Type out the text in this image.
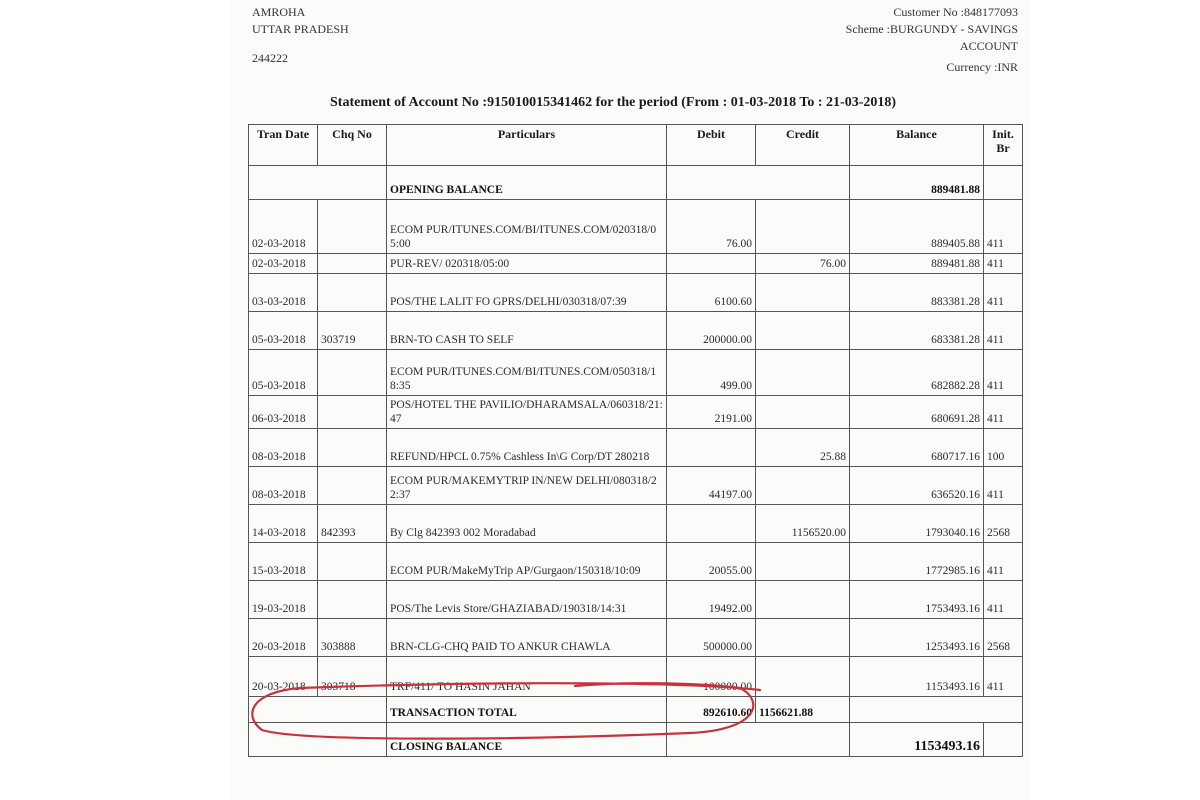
AMROHA
UTTAR PRADESH
244222
Customer No :848177093
Scheme :BURGUNDY - SAVINGS
ACCOUNT
Currency :INR
Statement of Account No :915010015341462 for the period (From : 01-03-2018 To : 21-03-2018)
Tran Date	Chq No	Particulars	Debit	Credit	Balance	Init. Br
		OPENING BALANCE			889481.88	
02-03-2018		ECOM PUR/ITUNES.COM/BI/ITUNES.COM/020318/05:00	76.00		889405.88	411
02-03-2018		PUR-REV/ 020318/05:00		76.00	889481.88	411
03-03-2018		POS/THE LALIT FO GPRS/DELHI/030318/07:39	6100.60		883381.28	411
05-03-2018	303719	BRN-TO CASH TO SELF	200000.00		683381.28	411
05-03-2018		ECOM PUR/ITUNES.COM/BI/ITUNES.COM/050318/18:35	499.00		682882.28	411
06-03-2018		POS/HOTEL THE PAVILIO/DHARAMSALA/060318/21:47	2191.00		680691.28	411
08-03-2018		REFUND/HPCL 0.75% Cashless In\G Corp/DT 280218		25.88	680717.16	100
08-03-2018		ECOM PUR/MAKEMYTRIP IN/NEW DELHI/080318/22:37	44197.00		636520.16	411
14-03-2018	842393	By Clg 842393 002 Moradabad		1156520.00	1793040.16	2568
15-03-2018		ECOM PUR/MakeMyTrip AP/Gurgaon/150318/10:09	20055.00		1772985.16	411
19-03-2018		POS/The Levis Store/GHAZIABAD/190318/14:31	19492.00		1753493.16	411
20-03-2018	303888	BRN-CLG-CHQ PAID TO ANKUR CHAWLA	500000.00		1253493.16	2568
20-03-2018	303718	TRF/411/ TO HASIN JAHAN	100000.00		1153493.16	411
		TRANSACTION TOTAL	892610.60	1156621.88		
		CLOSING BALANCE			1153493.16	
